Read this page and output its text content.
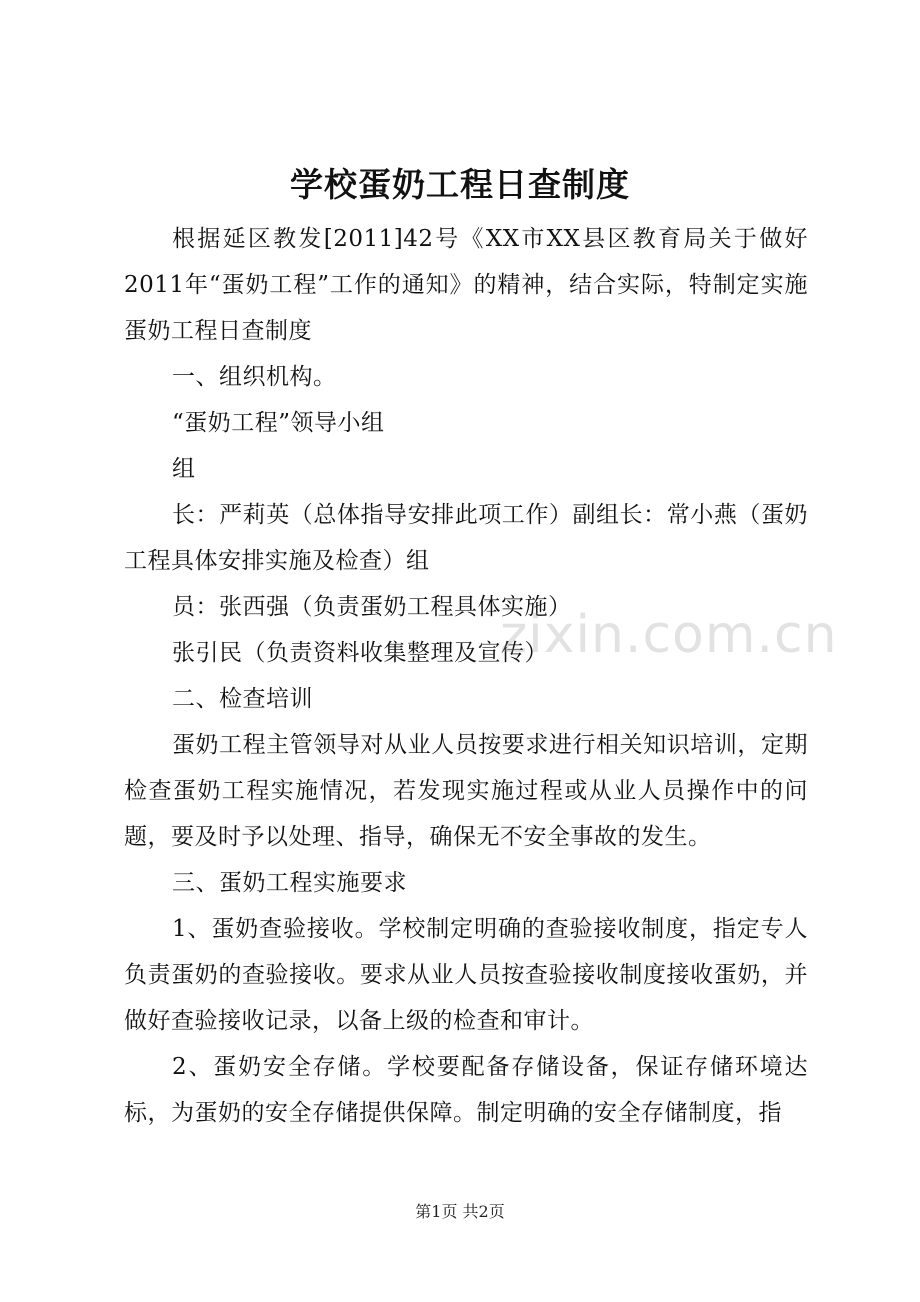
学校蛋奶工程日查制度

根据延区教发[2011]42号《XX市XX县区教育局关于做好2011年“蛋奶工程”工作的通知》的精神，结合实际，特制定实施蛋奶工程日查制度

一、组织机构。

“蛋奶工程”领导小组

组

长：严莉英（总体指导安排此项工作）副组长：常小燕（蛋奶工程具体安排实施及检查）组

员：张西强（负责蛋奶工程具体实施）

张引民（负责资料收集整理及宣传）

二、检查培训

蛋奶工程主管领导对从业人员按要求进行相关知识培训，定期检查蛋奶工程实施情况，若发现实施过程或从业人员操作中的问题，要及时予以处理、指导，确保无不安全事故的发生。

三、蛋奶工程实施要求

1、蛋奶查验接收。学校制定明确的查验接收制度，指定专人负责蛋奶的查验接收。要求从业人员按查验接收制度接收蛋奶，并做好查验接收记录，以备上级的检查和审计。

2、蛋奶安全存储。学校要配备存储设备，保证存储环境达标，为蛋奶的安全存储提供保障。制定明确的安全存储制度，指

zixin.com.cn
第1页 共2页
